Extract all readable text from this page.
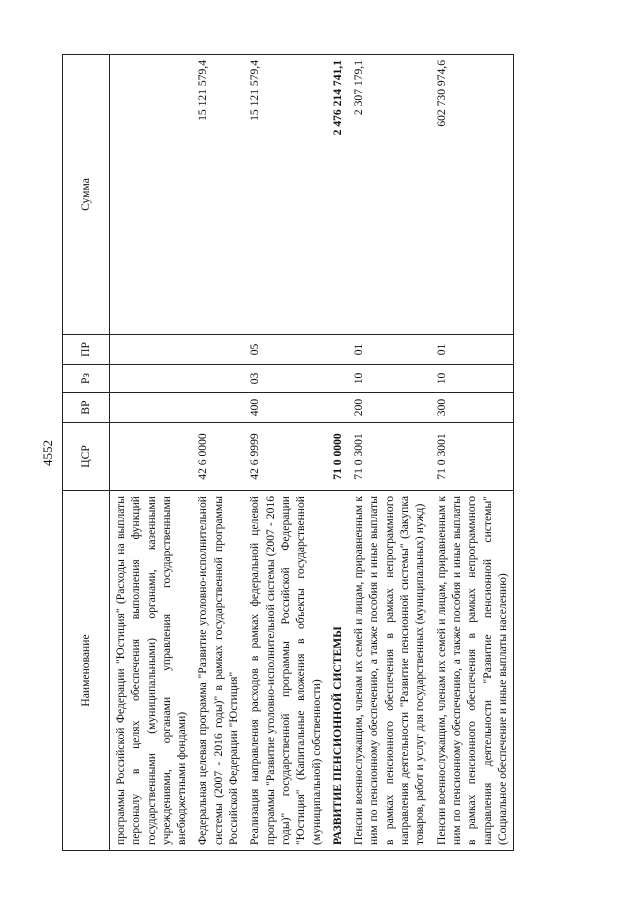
4552
Наименование	ЦСР	ВР	Рз	ПР	Сумма
программы Российской Федерации "Юстиция" (Расходы на выплаты персоналу в целях обеспечения выполнения функций государственными (муниципальными) органами, казенными учреждениями, органами управления государственными внебюджетными фондами)					
Федеральная целевая программа "Развитие уголовно-исполнительной системы (2007 - 2016 годы)" в рамках государственной программы Российской Федерации "Юстиция"	42 6 0000				15 121 579,4
Реализация направления расходов в рамках федеральной целевой программы "Развитие уголовно-исполнительной системы (2007 - 2016 годы)" государственной программы Российской Федерации "Юстиция" (Капитальные вложения в объекты государственной (муниципальной) собственности)	42 6 9999	400	03	05	15 121 579,4
РАЗВИТИЕ ПЕНСИОННОЙ СИСТЕМЫ	71 0 0000				2 476 214 741,1
Пенсии военнослужащим, членам их семей и лицам, приравненным к ним по пенсионному обеспечению, а также пособия и иные выплаты в рамках пенсионного обеспечения в рамках непрограммного направления деятельности "Развитие пенсионной системы" (Закупка товаров, работ и услуг для государственных (муниципальных) нужд)	71 0 3001	200	10	01	2 307 179,1
Пенсии военнослужащим, членам их семей и лицам, приравненным к ним по пенсионному обеспечению, а также пособия и иные выплаты в рамках пенсионного обеспечения в рамках непрограммного направления деятельности "Развитие пенсионной системы" (Социальное обеспечение и иные выплаты населению)	71 0 3001	300	10	01	602 730 974,6
